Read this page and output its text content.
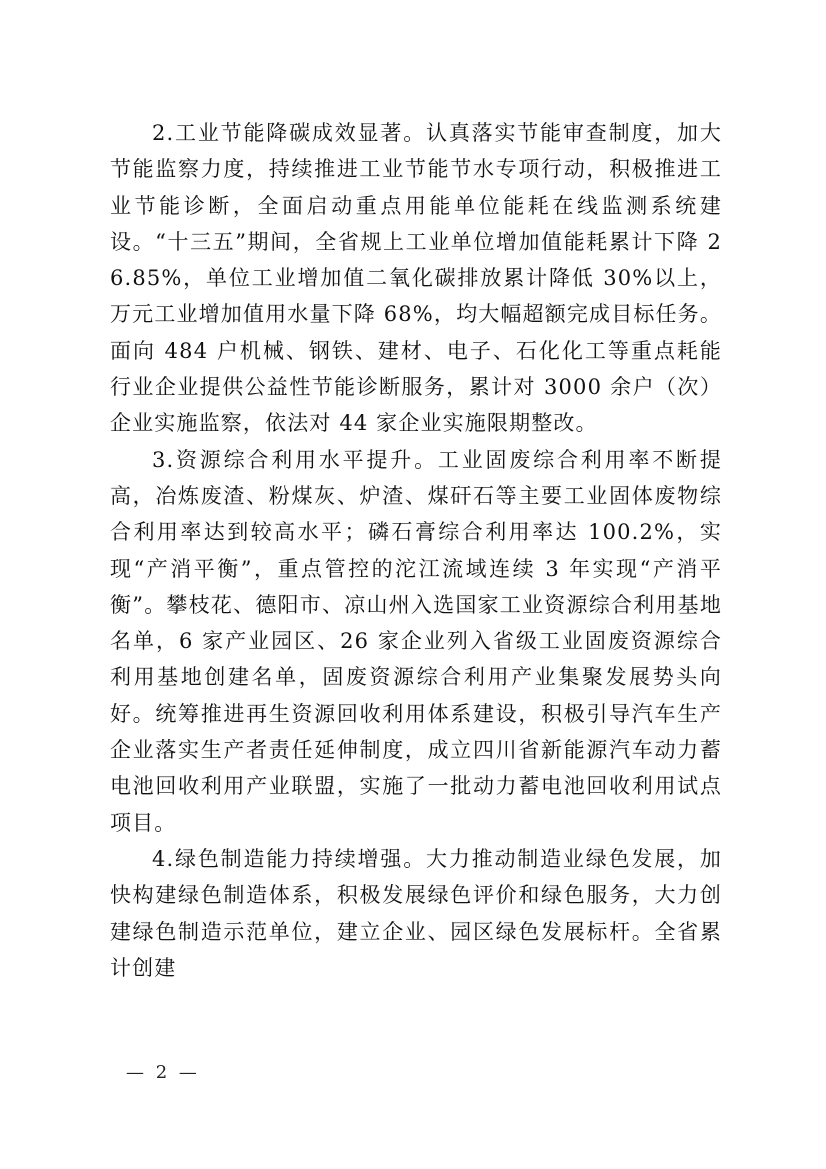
2.工业节能降碳成效显著。认真落实节能审查制度，加大节能监察力度，持续推进工业节能节水专项行动，积极推进工业节能诊断，全面启动重点用能单位能耗在线监测系统建设。“十三五”期间，全省规上工业单位增加值能耗累计下降 26.85%，单位工业增加值二氧化碳排放累计降低 30%以上，万元工业增加值用水量下降 68%，均大幅超额完成目标任务。面向 484 户机械、钢铁、建材、电子、石化化工等重点耗能行业企业提供公益性节能诊断服务，累计对 3000 余户（次）企业实施监察，依法对 44 家企业实施限期整改。

3.资源综合利用水平提升。工业固废综合利用率不断提高，冶炼废渣、粉煤灰、炉渣、煤矸石等主要工业固体废物综合利用率达到较高水平；磷石膏综合利用率达 100.2%，实现“产消平衡”，重点管控的沱江流域连续 3 年实现“产消平衡”。攀枝花、德阳市、凉山州入选国家工业资源综合利用基地名单，6 家产业园区、26 家企业列入省级工业固废资源综合利用基地创建名单，固废资源综合利用产业集聚发展势头向好。统筹推进再生资源回收利用体系建设，积极引导汽车生产企业落实生产者责任延伸制度，成立四川省新能源汽车动力蓄电池回收利用产业联盟，实施了一批动力蓄电池回收利用试点项目。

4.绿色制造能力持续增强。大力推动制造业绿色发展，加快构建绿色制造体系，积极发展绿色评价和绿色服务，大力创建绿色制造示范单位，建立企业、园区绿色发展标杆。全省累计创建

— 2 —
